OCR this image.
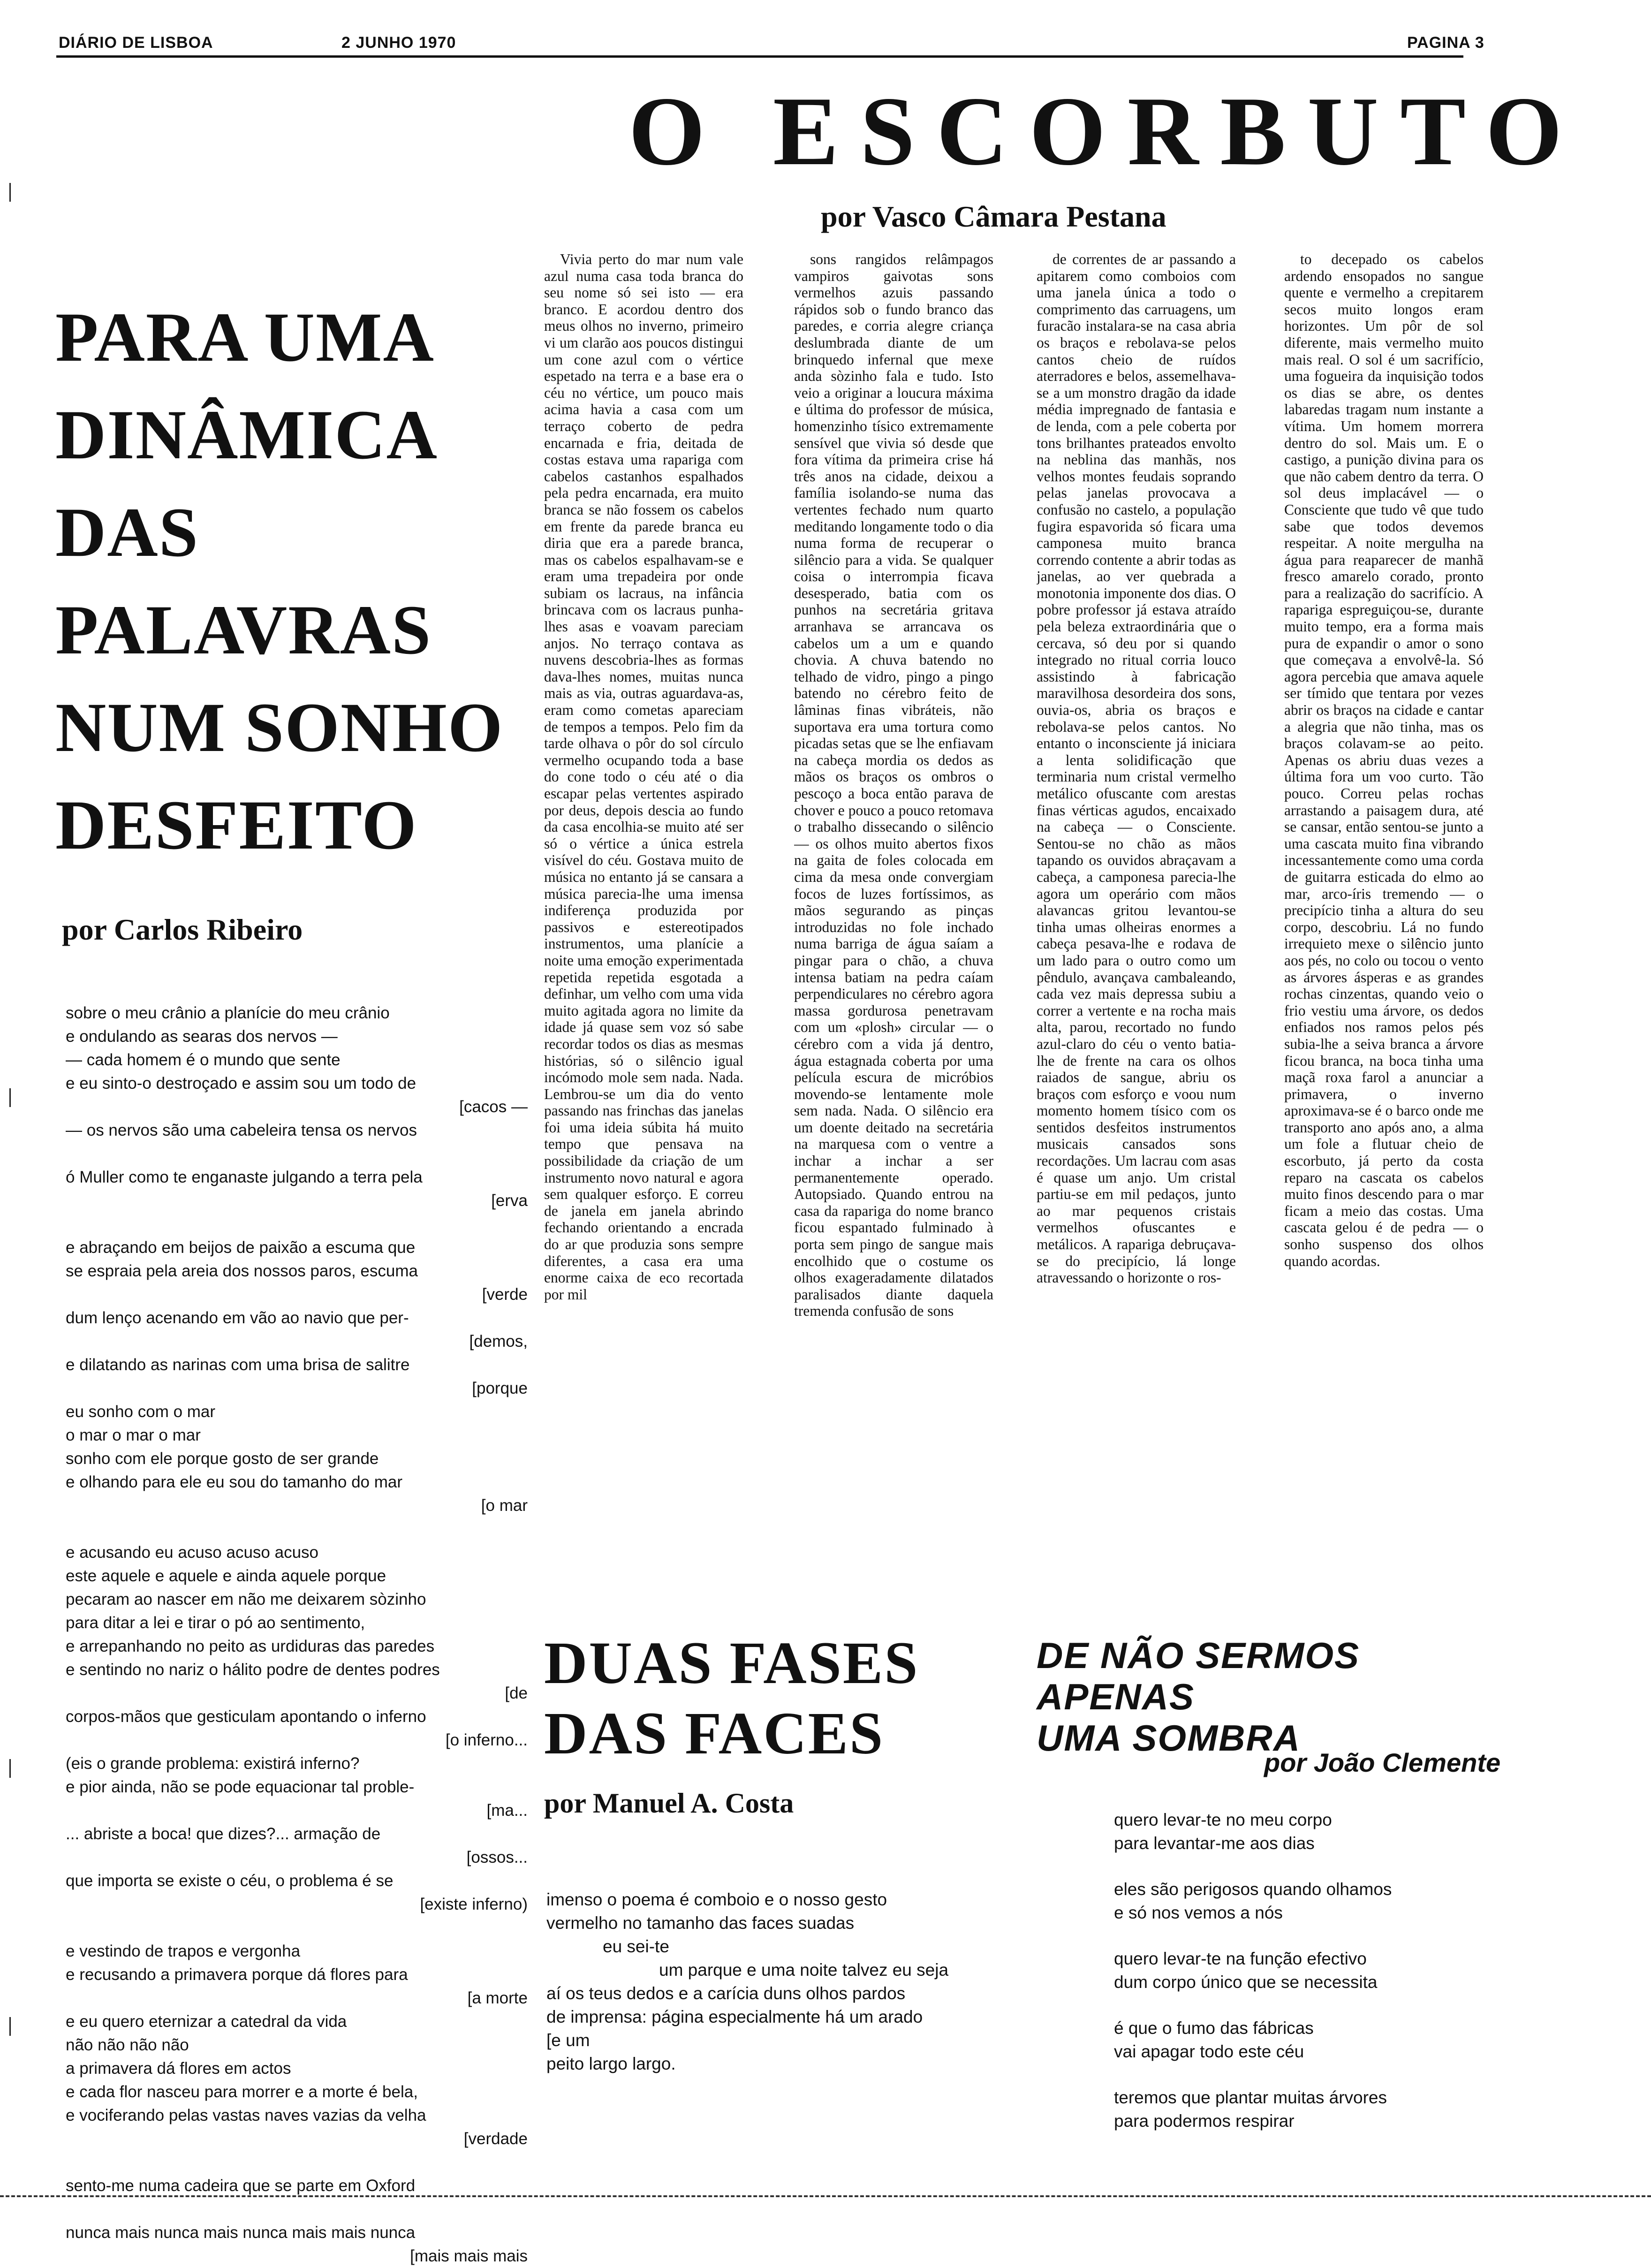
DIÁRIO DE LISBOA	2 JUNHO 1970	PAGINA 3
O ESCORBUTO
por Vasco Câmara Pestana
PARA UMA
DINÂMICA
DAS
PALAVRAS
NUM SONHO
DESFEITO
por Carlos Ribeiro
sobre o meu crânio a planície do meu crânio
e ondulando as searas dos nervos —
— cada homem é o mundo que sente
e eu sinto-o destroçado e assim sou um todo de
[cacos —
— os nervos são uma cabeleira tensa os nervos
ó Muller como te enganaste julgando a terra pela
[erva
e abraçando em beijos de paixão a escuma que
se espraia pela areia dos nossos paros, escuma
[verde
dum lenço acenando em vão ao navio que per-
[demos,
e dilatando as narinas com uma brisa de salitre
[porque
eu sonho com o mar
o mar o mar o mar
sonho com ele porque gosto de ser grande
e olhando para ele eu sou do tamanho do mar
[o mar
e acusando eu acuso acuso acuso
este aquele e aquele e ainda aquele porque
pecaram ao nascer em não me deixarem sòzinho
para ditar a lei e tirar o pó ao sentimento,
e arrepanhando no peito as urdiduras das paredes
e sentindo no nariz o hálito podre de dentes podres
[de
corpos-mãos que gesticulam apontando o inferno
[o inferno...
(eis o grande problema: existirá inferno?
e pior ainda, não se pode equacionar tal proble-
[ma...
... abriste a boca! que dizes?... armação de
[ossos...
que importa se existe o céu, o problema é se
[existe inferno)
e vestindo de trapos e vergonha
e recusando a primavera porque dá flores para
[a morte
e eu quero eternizar a catedral da vida
não não não não
a primavera dá flores em actos
e cada flor nasceu para morrer e a morte é bela,
e vociferando pelas vastas naves vazias da velha
[verdade
sento-me numa cadeira que se parte em Oxford
nunca mais nunca mais nunca mais mais nunca
[mais mais mais

Vivia perto do mar num vale azul numa casa toda branca do seu nome só sei isto — era branco. E acordou dentro dos meus olhos no inverno, primeiro vi um clarão aos poucos distingui um cone azul com o vértice espetado na terra e a base era o céu no vértice, um pouco mais acima havia a casa com um terraço coberto de pedra encarnada e fria, deitada de costas estava uma rapariga com cabelos castanhos espalhados pela pedra encarnada, era muito branca se não fossem os cabelos em frente da parede branca eu diria que era a parede branca, mas os cabelos espalhavam-se e eram uma trepadeira por onde subiam os lacraus, na infância brincava com os lacraus punha-lhes asas e voavam pareciam anjos. No terraço contava as nuvens descobria-lhes as formas dava-lhes nomes, muitas nunca mais as via, outras aguardava-as, eram como cometas apareciam de tempos a tempos. Pelo fim da tarde olhava o pôr do sol círculo vermelho ocupando toda a base do cone todo o céu até o dia escapar pelas vertentes aspirado por deus, depois descia ao fundo da casa encolhia-se muito até ser só o vértice a única estrela visível do céu. Gostava muito de música no entanto já se cansara a música parecia-lhe uma imensa indiferença produzida por passivos e estereotipados instrumentos, uma planície a noite uma emoção experimentada repetida repetida esgotada a definhar, um velho com uma vida muito agitada agora no limite da idade já quase sem voz só sabe recordar todos os dias as mesmas histórias, só o silêncio igual incómodo mole sem nada. Nada. Lembrou-se um dia do vento passando nas frinchas das janelas foi uma ideia súbita há muito tempo que pensava na possibilidade da criação de um instrumento novo natural e agora sem qualquer esforço. E correu de janela em janela abrindo fechando orientando a encrada do ar que produzia sons sempre diferentes, a casa era uma enorme caixa de eco recortada por mil

sons rangidos relâmpagos vampiros gaivotas sons vermelhos azuis passando rápidos sob o fundo branco das paredes, e corria alegre criança deslumbrada diante de um brinquedo infernal que mexe anda sòzinho fala e tudo. Isto veio a originar a loucura máxima e última do professor de música, homenzinho tísico extremamente sensível que vivia só desde que fora vítima da primeira crise há três anos na cidade, deixou a família isolando-se numa das vertentes fechado num quarto meditando longamente todo o dia numa forma de recuperar o silêncio para a vida. Se qualquer coisa o interrompia ficava desesperado, batia com os punhos na secretária gritava arranhava se arrancava os cabelos um a um e quando chovia. A chuva batendo no telhado de vidro, pingo a pingo batendo no cérebro feito de lâminas finas vibráteis, não suportava era uma tortura como picadas setas que se lhe enfiavam na cabeça mordia os dedos as mãos os braços os ombros o pescoço a boca então parava de chover e pouco a pouco retomava o trabalho dissecando o silêncio — os olhos muito abertos fixos na gaita de foles colocada em cima da mesa onde convergiam focos de luzes fortíssimos, as mãos segurando as pinças introduzidas no fole inchado numa barriga de água saíam a pingar para o chão, a chuva intensa batiam na pedra caíam perpendiculares no cérebro agora massa gordurosa penetravam com um «plosh» circular — o cérebro com a vida já dentro, água estagnada coberta por uma película escura de micróbios movendo-se lentamente mole sem nada. Nada. O silêncio era um doente deitado na secretária na marquesa com o ventre a inchar a inchar a ser permanentemente operado. Autopsiado. Quando entrou na casa da rapariga do nome branco ficou espantado fulminado à porta sem pingo de sangue mais encolhido que o costume os olhos exageradamente dilatados paralisados diante daquela tremenda confusão de sons

de correntes de ar passando a apitarem como comboios com uma janela única a todo o comprimento das carruagens, um furacão instalara-se na casa abria os braços e rebolava-se pelos cantos cheio de ruídos aterradores e belos, assemelhava-se a um monstro dragão da idade média impregnado de fantasia e de lenda, com a pele coberta por tons brilhantes prateados envolto na neblina das manhãs, nos velhos montes feudais soprando pelas janelas provocava a confusão no castelo, a população fugira espavorida só ficara uma camponesa muito branca correndo contente a abrir todas as janelas, ao ver quebrada a monotonia imponente dos dias. O pobre professor já estava atraído pela beleza extraordinária que o cercava, só deu por si quando integrado no ritual corria louco assistindo à fabricação maravilhosa desordeira dos sons, ouvia-os, abria os braços e rebolava-se pelos cantos. No entanto o inconsciente já iniciara a lenta solidificação que terminaria num cristal vermelho metálico ofuscante com arestas finas vérticas agudos, encaixado na cabeça — o Consciente. Sentou-se no chão as mãos tapando os ouvidos abraçavam a cabeça, a camponesa parecia-lhe agora um operário com mãos alavancas gritou levantou-se tinha umas olheiras enormes a cabeça pesava-lhe e rodava de um lado para o outro como um pêndulo, avançava cambaleando, cada vez mais depressa subiu a correr a vertente e na rocha mais alta, parou, recortado no fundo azul-claro do céu o vento batia-lhe de frente na cara os olhos raiados de sangue, abriu os braços com esforço e voou num momento homem tísico com os sentidos desfeitos instrumentos musicais cansados sons recordações. Um lacrau com asas é quase um anjo. Um cristal partiu-se em mil pedaços, junto ao mar pequenos cristais vermelhos ofuscantes e metálicos. A rapariga debruçava-se do precipício, lá longe atravessando o horizonte o ros-

to decepado os cabelos ardendo ensopados no sangue quente e vermelho a crepitarem secos muito longos eram horizontes. Um pôr de sol diferente, mais vermelho muito mais real. O sol é um sacrifício, uma fogueira da inquisição todos os dias se abre, os dentes labaredas tragam num instante a vítima. Um homem morrera dentro do sol. Mais um. E o castigo, a punição divina para os que não cabem dentro da terra. O sol deus implacável — o Consciente que tudo vê que tudo sabe que todos devemos respeitar. A noite mergulha na água para reaparecer de manhã fresco amarelo corado, pronto para a realização do sacrifício. A rapariga espreguiçou-se, durante muito tempo, era a forma mais pura de expandir o amor o sono que começava a envolvê-la. Só agora percebia que amava aquele ser tímido que tentara por vezes abrir os braços na cidade e cantar a alegria que não tinha, mas os braços colavam-se ao peito. Apenas os abriu duas vezes a última fora um voo curto. Tão pouco. Correu pelas rochas arrastando a paisagem dura, até se cansar, então sentou-se junto a uma cascata muito fina vibrando incessantemente como uma corda de guitarra esticada do elmo ao mar, arco-íris tremendo — o precipício tinha a altura do seu corpo, descobriu. Lá no fundo irrequieto mexe o silêncio junto aos pés, no colo ou tocou o vento as árvores ásperas e as grandes rochas cinzentas, quando veio o frio vestiu uma árvore, os dedos enfiados nos ramos pelos pés subia-lhe a seiva branca a árvore ficou branca, na boca tinha uma maçã roxa farol a anunciar a primavera, o inverno aproximava-se é o barco onde me transporto ano após ano, a alma um fole a flutuar cheio de escorbuto, já perto da costa reparo na cascata os cabelos muito finos descendo para o mar ficam a meio das costas. Uma cascata gelou é de pedra — o sonho suspenso dos olhos quando acordas.

DUAS FASES
DAS FACES
por Manuel A. Costa
imenso o poema é comboio e o nosso gesto
vermelho no tamanho das faces suadas
eu sei-te
um parque e uma noite talvez eu seja
aí os teus dedos e a carícia duns olhos pardos
de imprensa: página especialmente há um arado
[e um
peito largo largo.
DE NÃO SERMOS APENAS
UMA SOMBRA
por João Clemente
quero levar-te no meu corpo
para levantar-me aos dias
eles são perigosos quando olhamos
e só nos vemos a nós
quero levar-te na função efectivo
dum corpo único que se necessita
é que o fumo das fábricas
vai apagar todo este céu
teremos que plantar muitas árvores
para podermos respirar
